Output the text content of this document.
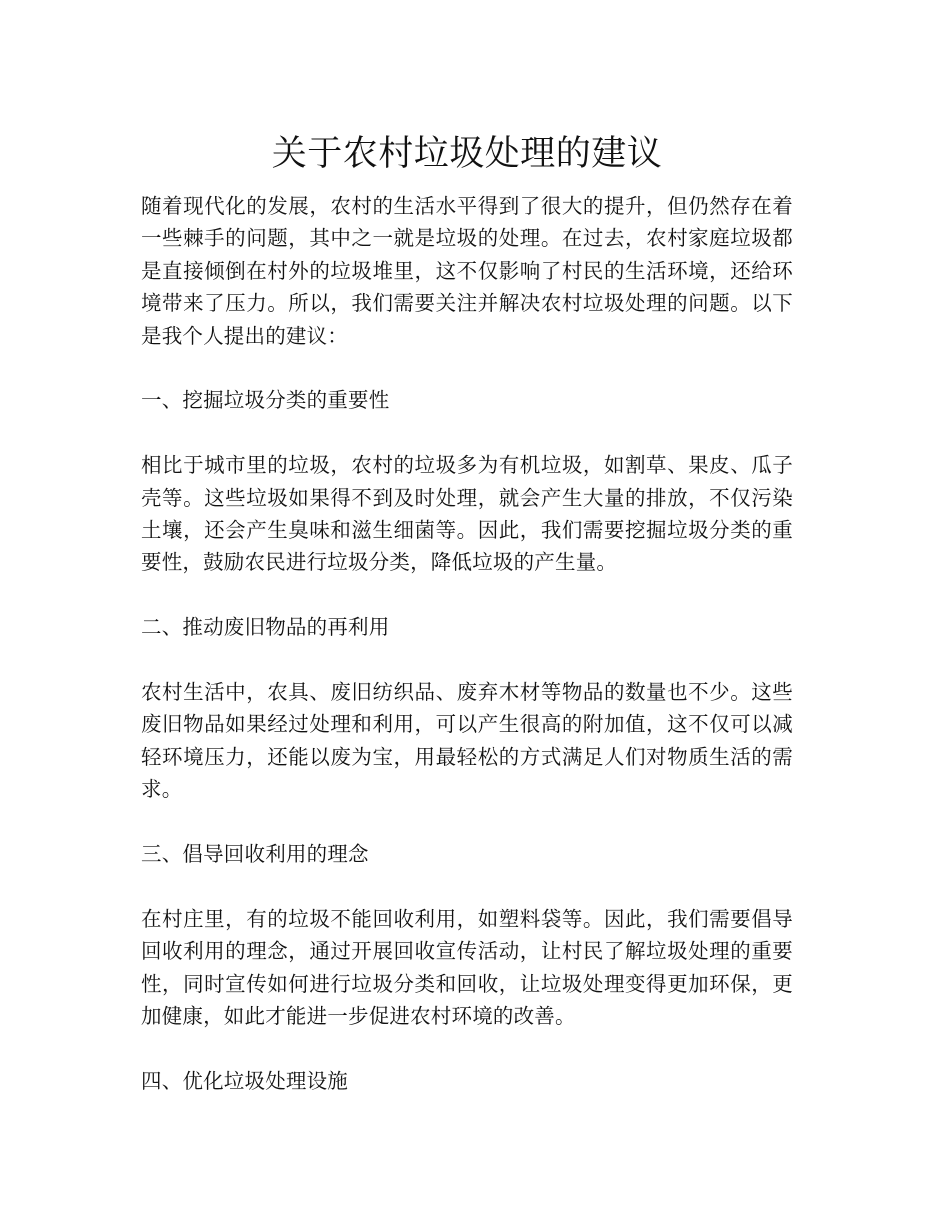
关于农村垃圾处理的建议

随着现代化的发展，农村的生活水平得到了很大的提升，但仍然存在着一些棘手的问题，其中之一就是垃圾的处理。在过去，农村家庭垃圾都是直接倾倒在村外的垃圾堆里，这不仅影响了村民的生活环境，还给环境带来了压力。所以，我们需要关注并解决农村垃圾处理的问题。以下是我个人提出的建议：

一、挖掘垃圾分类的重要性

相比于城市里的垃圾，农村的垃圾多为有机垃圾，如割草、果皮、瓜子壳等。这些垃圾如果得不到及时处理，就会产生大量的排放，不仅污染土壤，还会产生臭味和滋生细菌等。因此，我们需要挖掘垃圾分类的重要性，鼓励农民进行垃圾分类，降低垃圾的产生量。

二、推动废旧物品的再利用

农村生活中，农具、废旧纺织品、废弃木材等物品的数量也不少。这些废旧物品如果经过处理和利用，可以产生很高的附加值，这不仅可以减轻环境压力，还能以废为宝，用最轻松的方式满足人们对物质生活的需求。

三、倡导回收利用的理念

在村庄里，有的垃圾不能回收利用，如塑料袋等。因此，我们需要倡导回收利用的理念，通过开展回收宣传活动，让村民了解垃圾处理的重要性，同时宣传如何进行垃圾分类和回收，让垃圾处理变得更加环保，更加健康，如此才能进一步促进农村环境的改善。

四、优化垃圾处理设施
